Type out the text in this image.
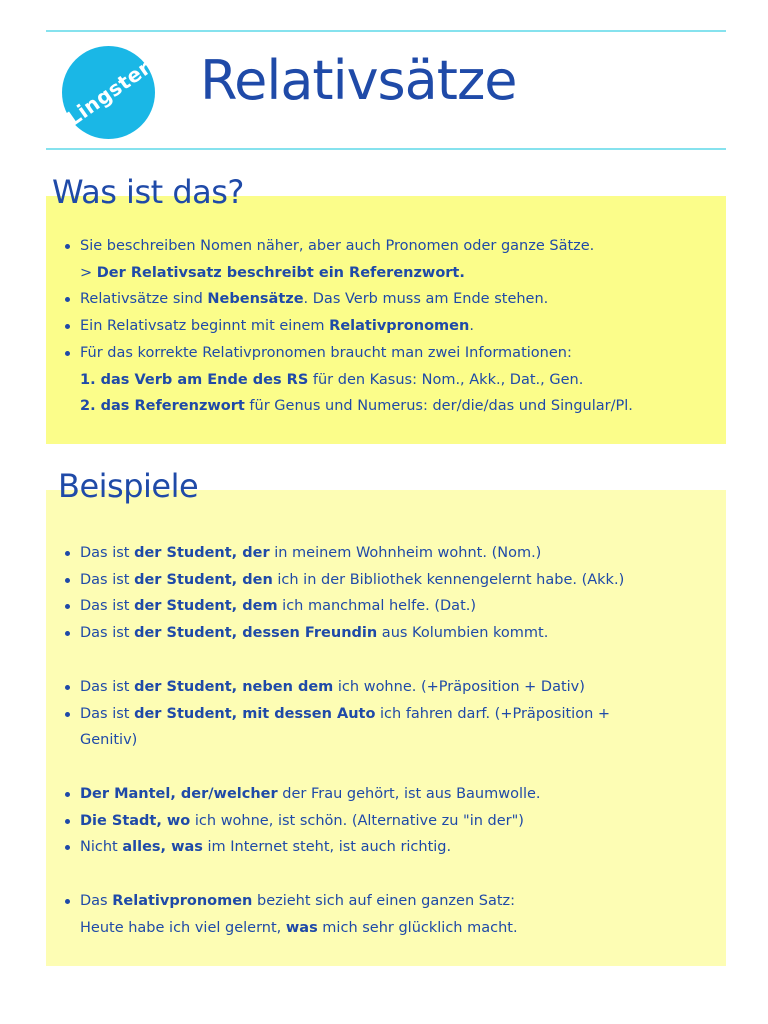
Lingster Relativsätze
Was ist das?
Sie beschreiben Nomen näher, aber auch Pronomen oder ganze Sätze.
> Der Relativsatz beschreibt ein Referenzwort.
Relativsätze sind Nebensätze. Das Verb muss am Ende stehen.
Ein Relativsatz beginnt mit einem Relativpronomen.
Für das korrekte Relativpronomen braucht man zwei Informationen:
1. das Verb am Ende des RS für den Kasus: Nom., Akk., Dat., Gen.
2. das Referenzwort für Genus und Numerus: der/die/das und Singular/Pl.
Beispiele
Das ist der Student, der in meinem Wohnheim wohnt. (Nom.)
Das ist der Student, den ich in der Bibliothek kennengelernt habe. (Akk.)
Das ist der Student, dem ich manchmal helfe. (Dat.)
Das ist der Student, dessen Freundin aus Kolumbien kommt.
Das ist der Student, neben dem ich wohne. (+Präposition + Dativ)
Das ist der Student, mit dessen Auto ich fahren darf. (+Präposition +
Genitiv)
Der Mantel, der/welcher der Frau gehört, ist aus Baumwolle.
Die Stadt, wo ich wohne, ist schön. (Alternative zu "in der")
Nicht alles, was im Internet steht, ist auch richtig.
Das Relativpronomen bezieht sich auf einen ganzen Satz:
Heute habe ich viel gelernt, was mich sehr glücklich macht.
